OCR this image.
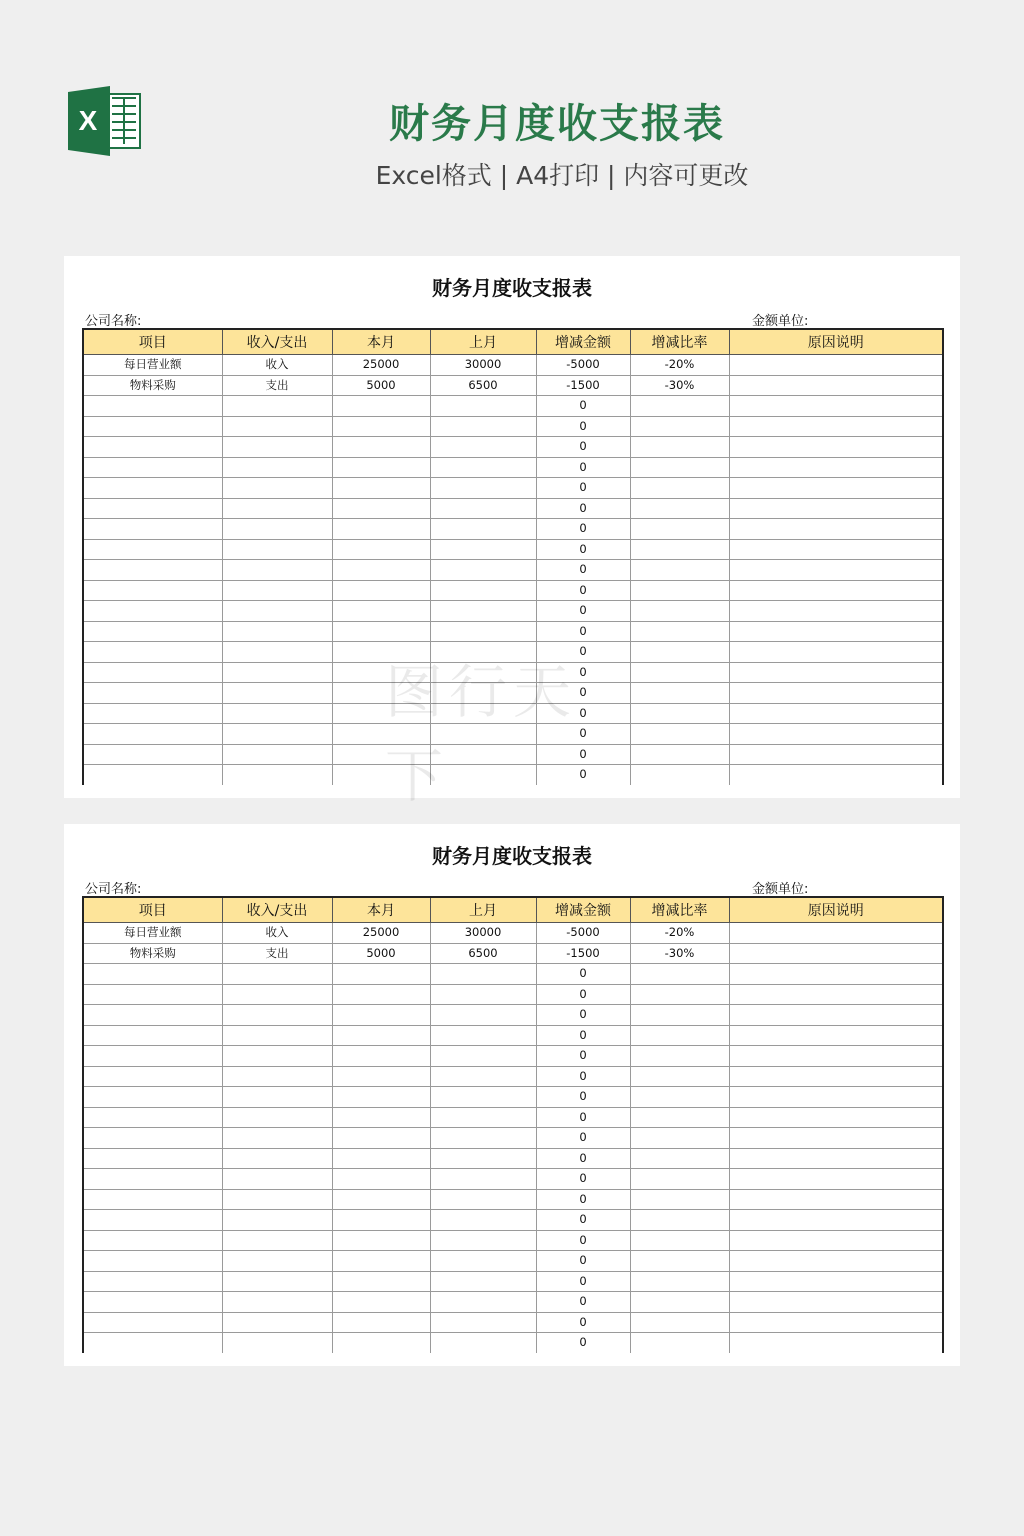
X	财务月度收支报表
Excel格式 | A4打印 | 内容可更改
财务月度收支报表
公司名称:	金额单位:
项目	收入/支出	本月	上月	增减金额	增减比率	原因说明
每日营业额	收入	25000	30000	-5000	-20%	
物料采购	支出	5000	6500	-1500	-30%	
				0		
				0		
				0		
				0		
				0		
				0		
				0		
				0		
				0		
				0		
				0		
				0		
				0		
				0		
				0		
				0		
				0		
				0		
				0		
财务月度收支报表
公司名称:	金额单位:
项目	收入/支出	本月	上月	增减金额	增减比率	原因说明
每日营业额	收入	25000	30000	-5000	-20%	
物料采购	支出	5000	6500	-1500	-30%	
				0		
				0		
				0		
				0		
				0		
				0		
				0		
				0		
				0		
				0		
				0		
				0		
				0		
				0		
				0		
				0		
				0		
				0		
				0		
